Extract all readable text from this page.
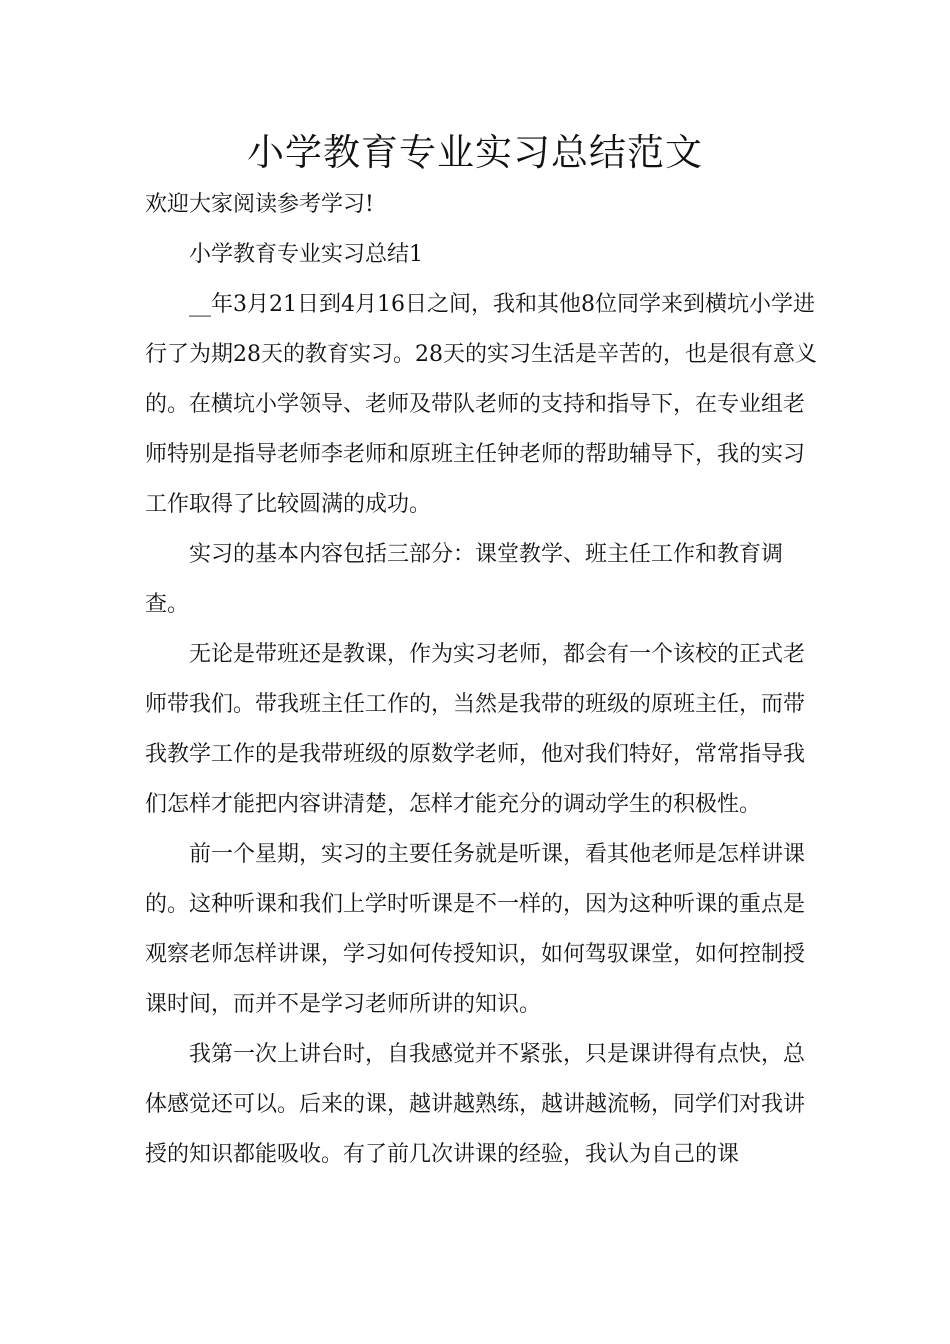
小学教育专业实习总结范文

欢迎大家阅读参考学习!

小学教育专业实习总结1

__年3月21日到4月16日之间，我和其他8位同学来到横坑小学进行了为期28天的教育实习。28天的实习生活是辛苦的，也是很有意义的。在横坑小学领导、老师及带队老师的支持和指导下，在专业组老师特别是指导老师李老师和原班主任钟老师的帮助辅导下，我的实习工作取得了比较圆满的成功。

实习的基本内容包括三部分：课堂教学、班主任工作和教育调查。

无论是带班还是教课，作为实习老师，都会有一个该校的正式老师带我们。带我班主任工作的，当然是我带的班级的原班主任，而带我教学工作的是我带班级的原数学老师，他对我们特好，常常指导我们怎样才能把内容讲清楚，怎样才能充分的调动学生的积极性。

前一个星期，实习的主要任务就是听课，看其他老师是怎样讲课的。这种听课和我们上学时听课是不一样的，因为这种听课的重点是观察老师怎样讲课，学习如何传授知识，如何驾驭课堂，如何控制授课时间，而并不是学习老师所讲的知识。

我第一次上讲台时，自我感觉并不紧张，只是课讲得有点快，总体感觉还可以。后来的课，越讲越熟练，越讲越流畅，同学们对我讲授的知识都能吸收。有了前几次讲课的经验，我认为自己的课
